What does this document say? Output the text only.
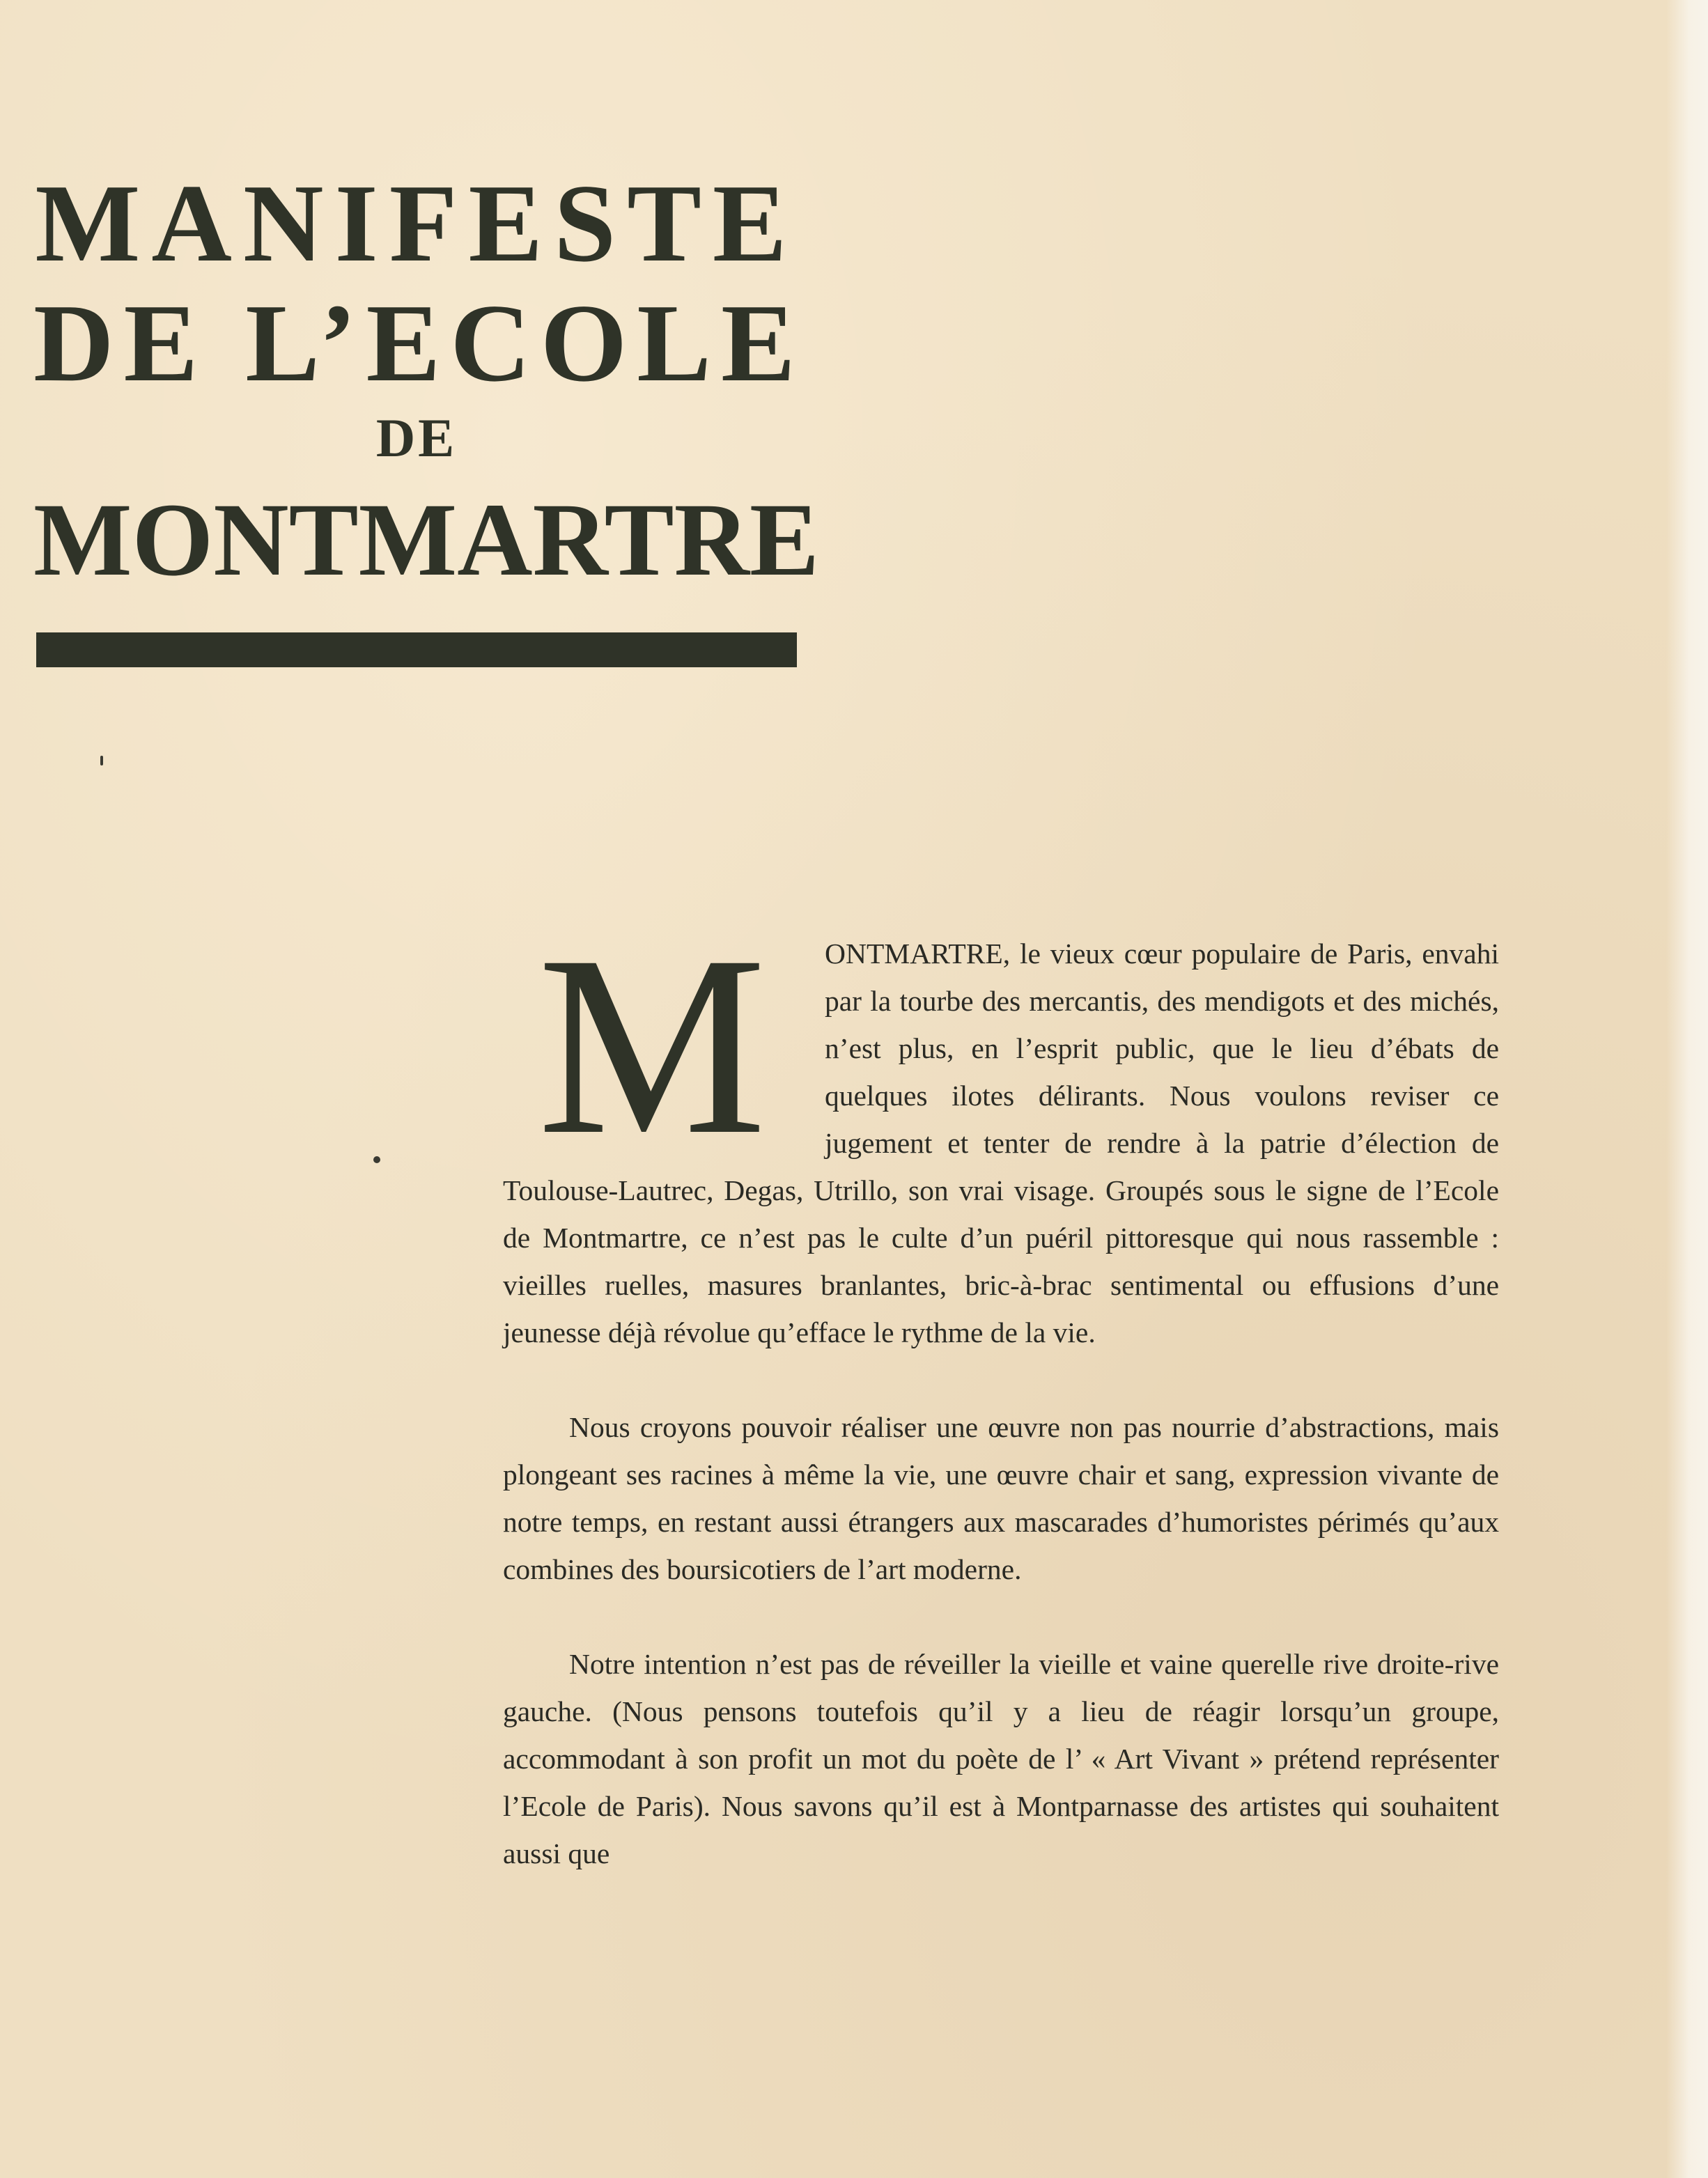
MANIFESTE
DE L’ECOLE
DE
MONTMARTRE

M	ONTMARTRE, le vieux cœur populaire de Paris, envahi par la tourbe des mercantis, des mendigots et des michés, n’est plus, en l’esprit public, que le lieu d’ébats de quelques ilotes délirants. Nous voulons reviser ce jugement et tenter de rendre à la patrie d’élection de Toulouse-Lautrec, Degas, Utrillo, son vrai visage. Groupés sous le signe de l’Ecole de Montmartre, ce n’est pas le culte d’un puéril pittoresque qui nous rassemble : vieilles ruelles, masures branlantes, bric-à-brac sentimental ou effusions d’une jeunesse déjà révolue qu’efface le rythme de la vie.

Nous croyons pouvoir réaliser une œuvre non pas nourrie d’abstractions, mais plongeant ses racines à même la vie, une œuvre chair et sang, expression vivante de notre temps, en restant aussi étrangers aux mascarades d’humoristes périmés qu’aux combines des boursicotiers de l’art moderne.

Notre intention n’est pas de réveiller la vieille et vaine querelle rive droite-rive gauche. (Nous pensons toutefois qu’il y a lieu de réagir lorsqu’un groupe, accommodant à son profit un mot du poète de l’ « Art Vivant » prétend représenter l’Ecole de Paris). Nous savons qu’il est à Montparnasse des artistes qui souhaitent aussi que
